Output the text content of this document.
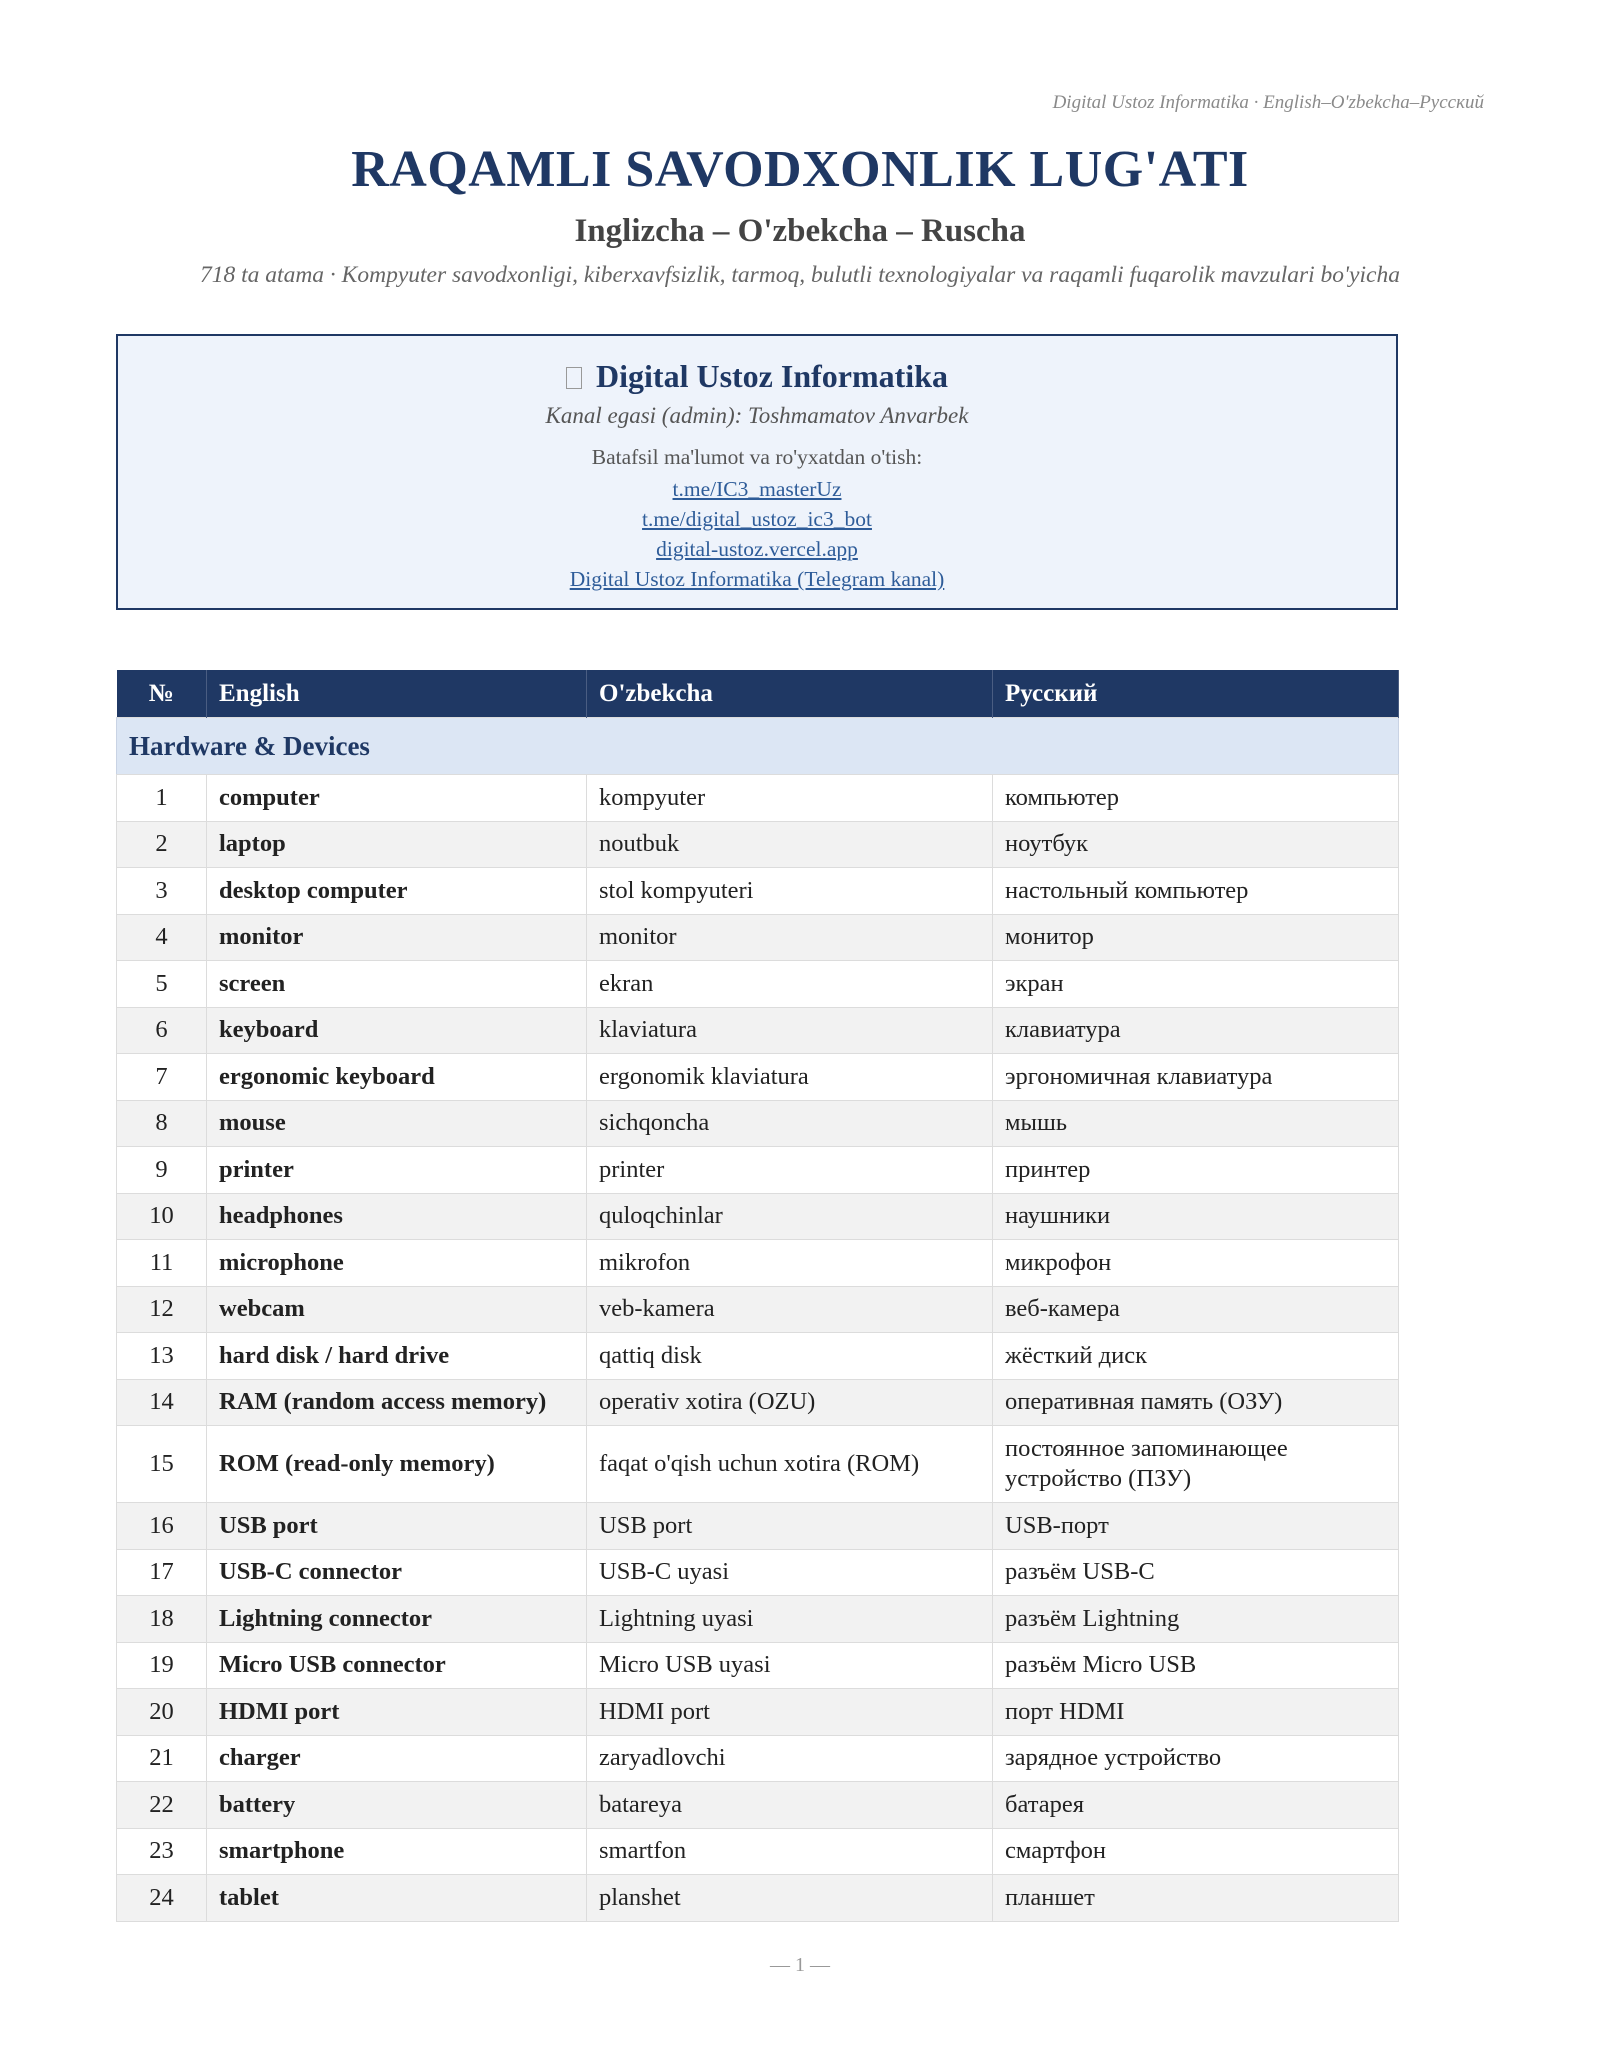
Digital Ustoz Informatika · English–O'zbekcha–Русский
RAQAMLI SAVODXONLIK LUG'ATI
Inglizcha – O'zbekcha – Ruscha
718 ta atama · Kompyuter savodxonligi, kiberxavfsizlik, tarmoq, bulutli texnologiyalar va raqamli fuqarolik mavzulari bo'yicha
Digital Ustoz Informatika
Kanal egasi (admin): Toshmamatov Anvarbek
Batafsil ma'lumot va ro'yxatdan o'tish:
t.me/IC3_masterUz
t.me/digital_ustoz_ic3_bot
digital-ustoz.vercel.app
Digital Ustoz Informatika (Telegram kanal)
№	English	O'zbekcha	Русский
Hardware & Devices			
1	computer	kompyuter	компьютер
2	laptop	noutbuk	ноутбук
3	desktop computer	stol kompyuteri	настольный компьютер
4	monitor	monitor	монитор
5	screen	ekran	экран
6	keyboard	klaviatura	клавиатура
7	ergonomic keyboard	ergonomik klaviatura	эргономичная клавиатура
8	mouse	sichqoncha	мышь
9	printer	printer	принтер
10	headphones	quloqchinlar	наушники
11	microphone	mikrofon	микрофон
12	webcam	veb-kamera	веб-камера
13	hard disk / hard drive	qattiq disk	жёсткий диск
14	RAM (random access memory)	operativ xotira (OZU)	оперативная память (ОЗУ)
15	ROM (read-only memory)	faqat o'qish uchun xotira (ROM)	постоянное запоминающее устройство (ПЗУ)
16	USB port	USB port	USB-порт
17	USB-C connector	USB-C uyasi	разъём USB-C
18	Lightning connector	Lightning uyasi	разъём Lightning
19	Micro USB connector	Micro USB uyasi	разъём Micro USB
20	HDMI port	HDMI port	порт HDMI
21	charger	zaryadlovchi	зарядное устройство
22	battery	batareya	батарея
23	smartphone	smartfon	смартфон
24	tablet	planshet	планшет
— 1 —
